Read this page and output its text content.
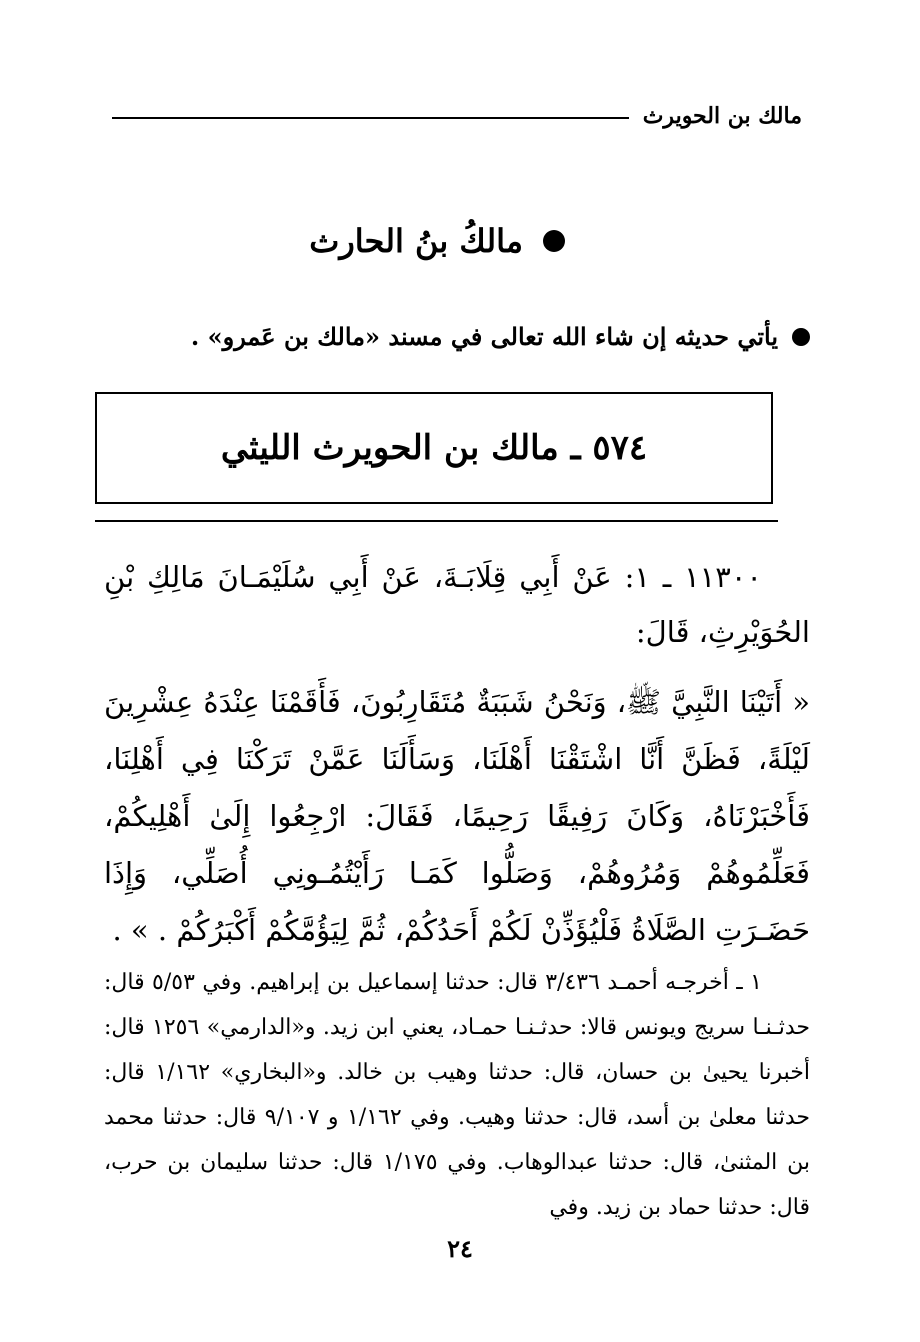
مالك بن الحويرث
مالكُ بنُ الحارث
يأتي حديثه إن شاء الله تعالى في مسند «مالك بن عَمرو» .
٥٧٤ ـ مالك بن الحويرث الليثي

١١٣٠٠ ـ ١: عَنْ أَبِي قِلَابَـةَ، عَنْ أَبِي سُلَيْمَـانَ مَالِكِ بْنِ الحُوَيْرِثِ، قَالَ:

« أَتَيْنَا النَّبِيَّ ﷺ، وَنَحْنُ شَبَبَةٌ مُتَقَارِبُونَ، فَأَقَمْنَا عِنْدَهُ عِشْرِينَ لَيْلَةً، فَظَنَّ أَنَّا اشْتَقْنَا أَهْلَنَا، وَسَأَلَنَا عَمَّنْ تَرَكْنَا فِي أَهْلِنَا، فَأَخْبَرْنَاهُ، وَكَانَ رَفِيقًا رَحِيمًا، فَقَالَ: ارْجِعُوا إِلَىٰ أَهْلِيكُمْ، فَعَلِّمُوهُمْ وَمُرُوهُمْ، وَصَلُّوا كَمَـا رَأَيْتُمُـونِي أُصَلِّي، وَإِذَا حَضَـرَتِ الصَّلَاةُ فَلْيُؤَذِّنْ لَكُمْ أَحَدُكُمْ، ثُمَّ لِيَؤُمَّكُمْ أَكْبَرُكُمْ . » .

١ ـ أخرجـه أحمـد ٣/٤٣٦ قال: حدثنا إسماعيل بن إبراهيم. وفي ٥/٥٣ قال: حدثـنـا سريج ويونس قالا: حدثـنـا حمـاد، يعني ابن زيد. و«الدارمي» ١٢٥٦ قال: أخبرنا يحيىٰ بن حسان، قال: حدثنا وهيب بن خالد. و«البخاري» ١/١٦٢ قال: حدثنا معلىٰ بن أسد، قال: حدثنا وهيب. وفي ١/١٦٢ و ٩/١٠٧ قال: حدثنا محمد بن المثنىٰ، قال: حدثنا عبدالوهاب. وفي ١/١٧٥ قال: حدثنا سليمان بن حرب، قال: حدثنا حماد بن زيد. وفي

٢٤
